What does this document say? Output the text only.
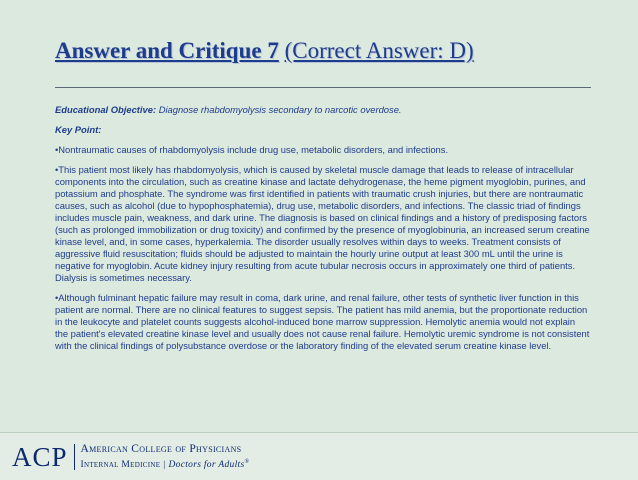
Answer and Critique 7 (Correct Answer: D)

Educational Objective: Diagnose rhabdomyolysis secondary to narcotic overdose.

Key Point:

•Nontraumatic causes of rhabdomyolysis include drug use, metabolic disorders, and infections.

•This patient most likely has rhabdomyolysis, which is caused by skeletal muscle damage that leads to release of intracellular components into the circulation, such as creatine kinase and lactate dehydrogenase, the heme pigment myoglobin, purines, and potassium and phosphate. The syndrome was first identified in patients with traumatic crush injuries, but there are nontraumatic causes, such as alcohol (due to hypophosphatemia), drug use, metabolic disorders, and infections. The classic triad of findings includes muscle pain, weakness, and dark urine. The diagnosis is based on clinical findings and a history of predisposing factors (such as prolonged immobilization or drug toxicity) and confirmed by the presence of myoglobinuria, an increased serum creatine kinase level, and, in some cases, hyperkalemia. The disorder usually resolves within days to weeks. Treatment consists of aggressive fluid resuscitation; fluids should be adjusted to maintain the hourly urine output at least 300 mL until the urine is negative for myoglobin. Acute kidney injury resulting from acute tubular necrosis occurs in approximately one third of patients. Dialysis is sometimes necessary.

•Although fulminant hepatic failure may result in coma, dark urine, and renal failure, other tests of synthetic liver function in this patient are normal. There are no clinical features to suggest sepsis. The patient has mild anemia, but the proportionate reduction in the leukocyte and platelet counts suggests alcohol-induced bone marrow suppression. Hemolytic anemia would not explain the patient's elevated creatine kinase level and usually does not cause renal failure. Hemolytic uremic syndrome is not consistent with the clinical findings of polysubstance overdose or the laboratory finding of the elevated serum creatine kinase level.

ACP American College of Physicians
Internal Medicine | Doctors for Adults®
